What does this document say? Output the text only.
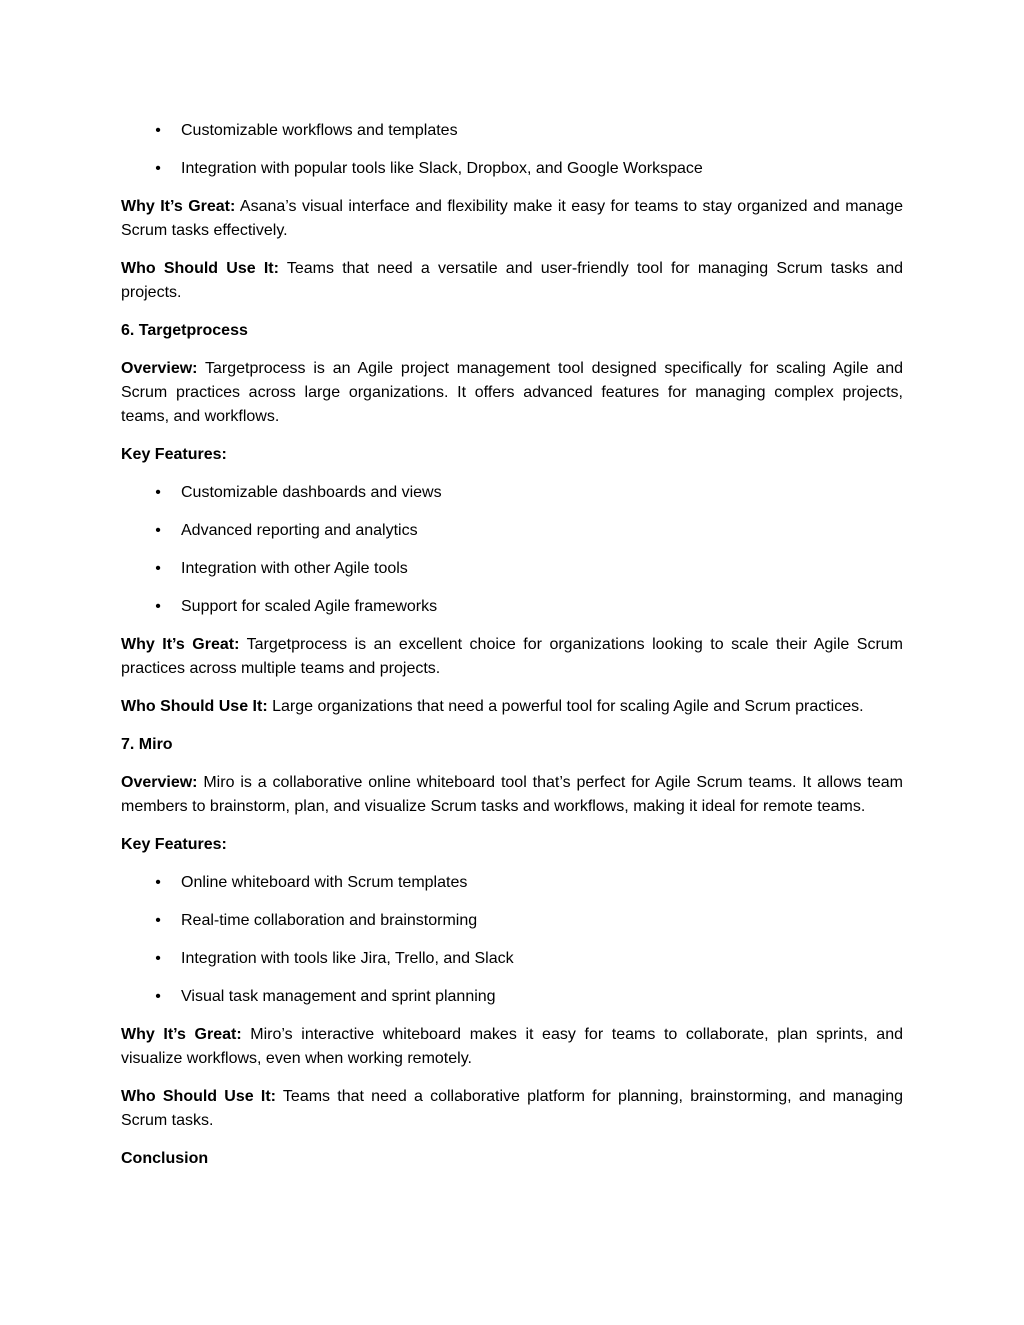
• Customizable workflows and templates
• Integration with popular tools like Slack, Dropbox, and Google Workspace

Why It’s Great: Asana’s visual interface and flexibility make it easy for teams to stay organized and manage Scrum tasks effectively.

Who Should Use It: Teams that need a versatile and user-friendly tool for managing Scrum tasks and projects.

6. Targetprocess

Overview: Targetprocess is an Agile project management tool designed specifically for scaling Agile and Scrum practices across large organizations. It offers advanced features for managing complex projects, teams, and workflows.

Key Features:

• Customizable dashboards and views
• Advanced reporting and analytics
• Integration with other Agile tools
• Support for scaled Agile frameworks

Why It’s Great: Targetprocess is an excellent choice for organizations looking to scale their Agile Scrum practices across multiple teams and projects.

Who Should Use It: Large organizations that need a powerful tool for scaling Agile and Scrum practices.

7. Miro

Overview: Miro is a collaborative online whiteboard tool that’s perfect for Agile Scrum teams. It allows team members to brainstorm, plan, and visualize Scrum tasks and workflows, making it ideal for remote teams.

Key Features:

• Online whiteboard with Scrum templates
• Real-time collaboration and brainstorming
• Integration with tools like Jira, Trello, and Slack
• Visual task management and sprint planning

Why It’s Great: Miro’s interactive whiteboard makes it easy for teams to collaborate, plan sprints, and visualize workflows, even when working remotely.

Who Should Use It: Teams that need a collaborative platform for planning, brainstorming, and managing Scrum tasks.

Conclusion
